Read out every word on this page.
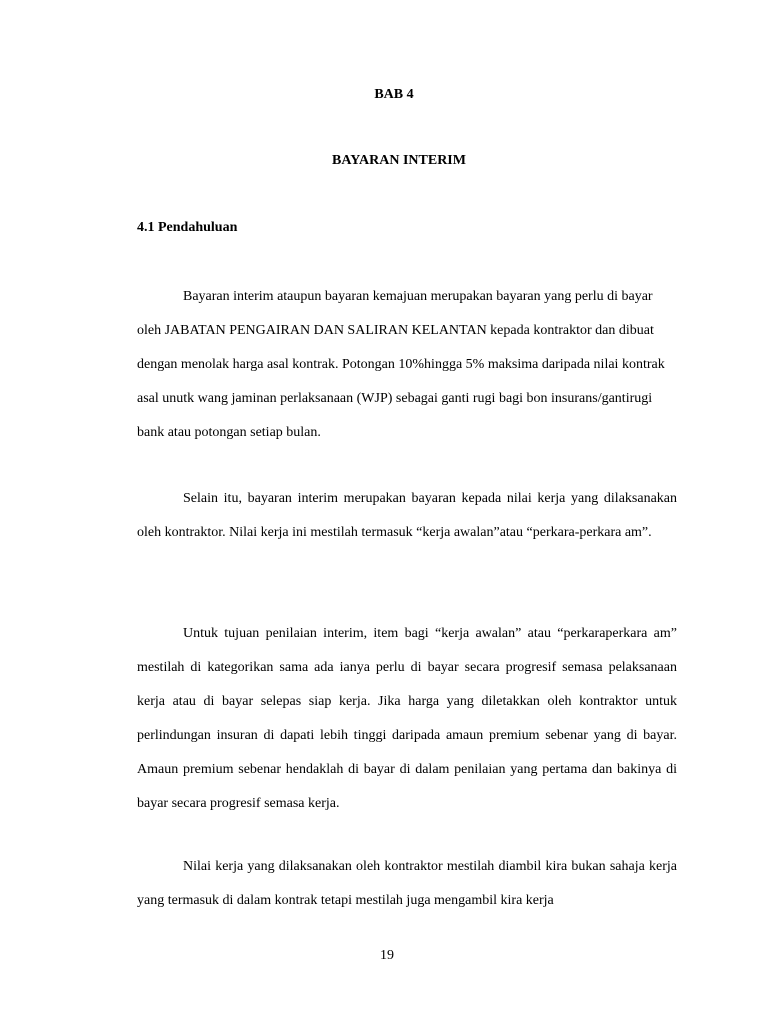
BAB 4
BAYARAN INTERIM
4.1 Pendahuluan

Bayaran interim ataupun bayaran kemajuan merupakan bayaran yang perlu di bayar oleh JABATAN PENGAIRAN DAN SALIRAN KELANTAN kepada kontraktor dan dibuat dengan menolak harga asal kontrak. Potongan 10%hingga 5% maksima daripada nilai kontrak asal unutk wang jaminan perlaksanaan (WJP) sebagai ganti rugi bagi bon insurans/gantirugi bank atau potongan setiap bulan.

Selain itu, bayaran interim merupakan bayaran kepada nilai kerja yang dilaksanakan oleh kontraktor. Nilai kerja ini mestilah termasuk “kerja awalan”atau “perkara-perkara am”.

Untuk tujuan penilaian interim, item bagi “kerja awalan” atau “perkaraperkara am” mestilah di kategorikan sama ada ianya perlu di bayar secara progresif semasa pelaksanaan kerja atau di bayar selepas siap kerja. Jika harga yang diletakkan oleh kontraktor untuk perlindungan insuran di dapati lebih tinggi daripada amaun premium sebenar yang di bayar. Amaun premium sebenar hendaklah di bayar di dalam penilaian yang pertama dan bakinya di bayar secara progresif semasa kerja.

Nilai kerja yang dilaksanakan oleh kontraktor mestilah diambil kira bukan sahaja kerja yang termasuk di dalam kontrak tetapi mestilah juga mengambil kira kerja

19
